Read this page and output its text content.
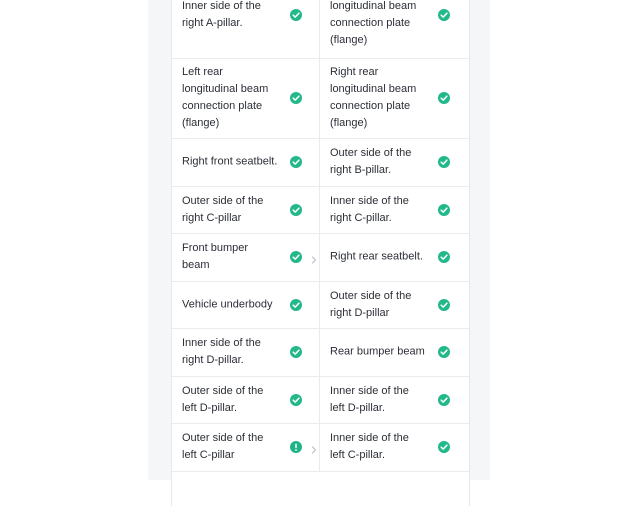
Inner side of the right A-pillar.
longitudinal beam connection plate (flange)
Left rear longitudinal beam connection plate (flange)
Right rear longitudinal beam connection plate (flange)
Right front seatbelt.
Outer side of the right B-pillar.
Outer side of the right C-pillar
Inner side of the right C-pillar.
Front bumper beam
Right rear seatbelt.
Vehicle underbody
Outer side of the right D-pillar
Inner side of the right D-pillar.
Rear bumper beam
Outer side of the left D-pillar.
Inner side of the left D-pillar.
Outer side of the left C-pillar
Inner side of the left C-pillar.
